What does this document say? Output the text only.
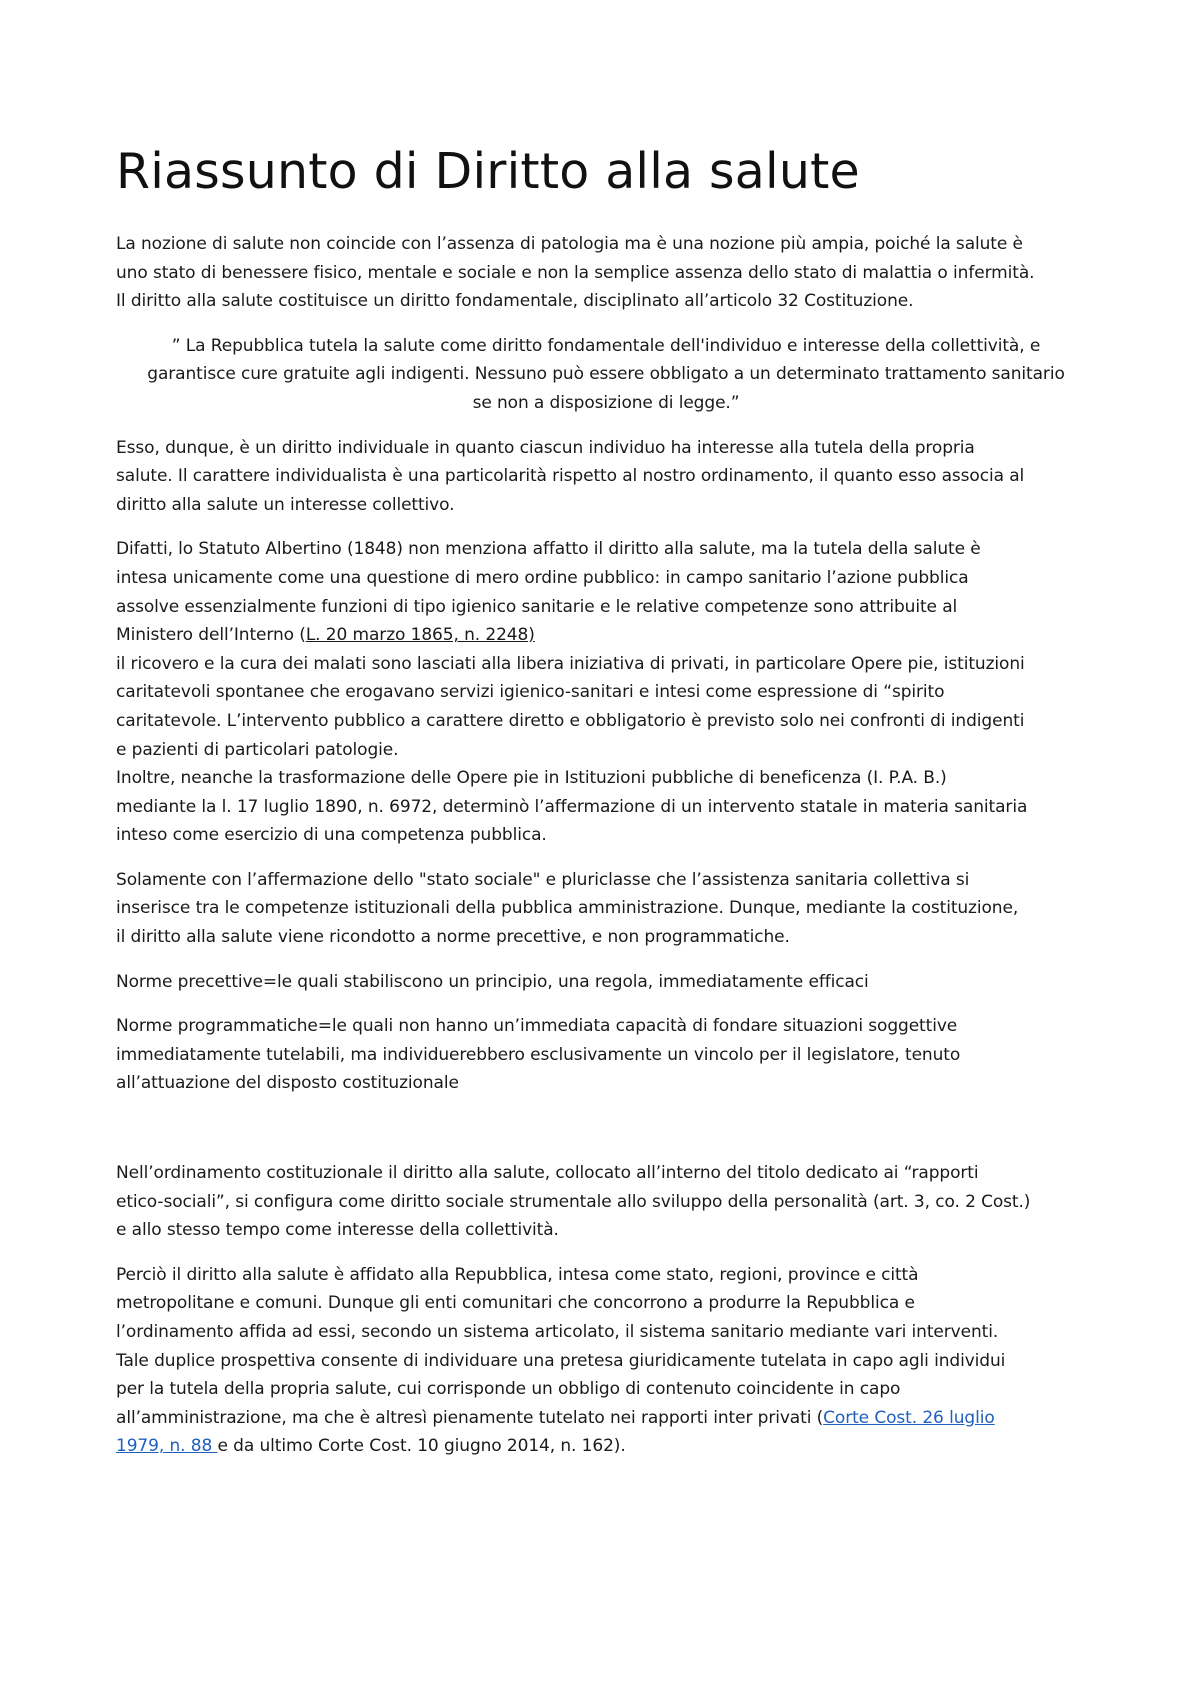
Riassunto di Diritto alla salute
La nozione di salute non coincide con l’assenza di patologia ma è una nozione più ampia, poiché la salute è
uno stato di benessere fisico, mentale e sociale e non la semplice assenza dello stato di malattia o infermità.
Il diritto alla salute costituisce un diritto fondamentale, disciplinato all’articolo 32 Costituzione.
” La Repubblica tutela la salute come diritto fondamentale dell'individuo e interesse della collettività, e
garantisce cure gratuite agli indigenti. Nessuno può essere obbligato a un determinato trattamento sanitario
se non a disposizione di legge.”
Esso, dunque, è un diritto individuale in quanto ciascun individuo ha interesse alla tutela della propria
salute. Il carattere individualista è una particolarità rispetto al nostro ordinamento, il quanto esso associa al
diritto alla salute un interesse collettivo.
Difatti, lo Statuto Albertino (1848) non menziona affatto il diritto alla salute, ma la tutela della salute è
intesa unicamente come una questione di mero ordine pubblico: in campo sanitario l’azione pubblica
assolve essenzialmente funzioni di tipo igienico sanitarie e le relative competenze sono attribuite al
Ministero dell’Interno (L. 20 marzo 1865, n. 2248)
il ricovero e la cura dei malati sono lasciati alla libera iniziativa di privati, in particolare Opere pie, istituzioni
caritatevoli spontanee che erogavano servizi igienico-sanitari e intesi come espressione di “spirito
caritatevole. L’intervento pubblico a carattere diretto e obbligatorio è previsto solo nei confronti di indigenti
e pazienti di particolari patologie.
Inoltre, neanche la trasformazione delle Opere pie in Istituzioni pubbliche di beneficenza (I. P.A. B.)
mediante la l. 17 luglio 1890, n. 6972, determinò l’affermazione di un intervento statale in materia sanitaria
inteso come esercizio di una competenza pubblica.
Solamente con l’affermazione dello "stato sociale" e pluriclasse che l’assistenza sanitaria collettiva si
inserisce tra le competenze istituzionali della pubblica amministrazione. Dunque, mediante la costituzione,
il diritto alla salute viene ricondotto a norme precettive, e non programmatiche.
Norme precettive=le quali stabiliscono un principio, una regola, immediatamente efficaci
Norme programmatiche=le quali non hanno un’immediata capacità di fondare situazioni soggettive
immediatamente tutelabili, ma individuerebbero esclusivamente un vincolo per il legislatore, tenuto
all’attuazione del disposto costituzionale
Nell’ordinamento costituzionale il diritto alla salute, collocato all’interno del titolo dedicato ai “rapporti
etico-sociali”, si configura come diritto sociale strumentale allo sviluppo della personalità (art. 3, co. 2 Cost.)
e allo stesso tempo come interesse della collettività.
Perciò il diritto alla salute è affidato alla Repubblica, intesa come stato, regioni, province e città
metropolitane e comuni. Dunque gli enti comunitari che concorrono a produrre la Repubblica e
l’ordinamento affida ad essi, secondo un sistema articolato, il sistema sanitario mediante vari interventi.
Tale duplice prospettiva consente di individuare una pretesa giuridicamente tutelata in capo agli individui
per la tutela della propria salute, cui corrisponde un obbligo di contenuto coincidente in capo
all’amministrazione, ma che è altresì pienamente tutelato nei rapporti inter privati (Corte Cost. 26 luglio
1979, n. 88 e da ultimo Corte Cost. 10 giugno 2014, n. 162).
